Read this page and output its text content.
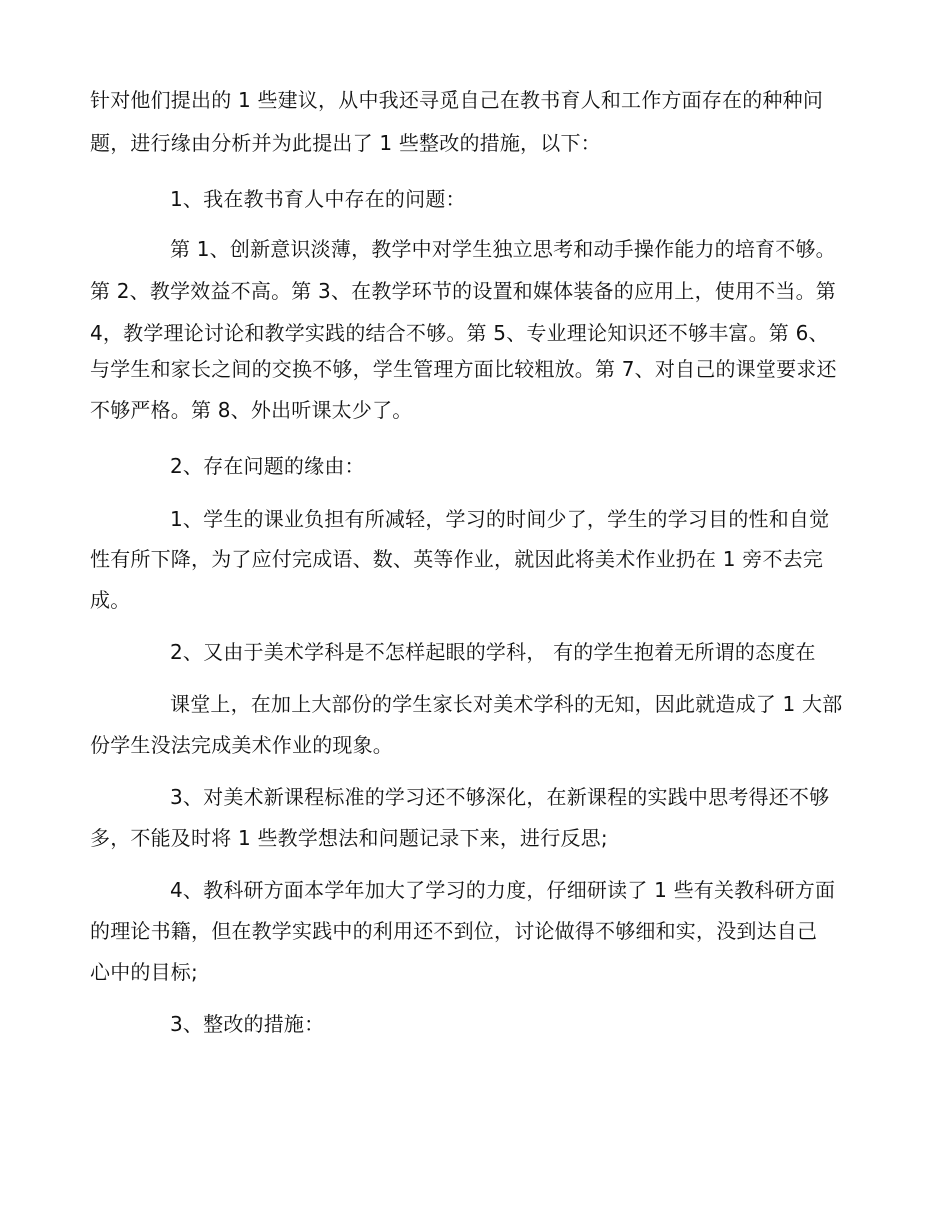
针对他们提出的 1 些建议，从中我还寻觅自己在教书育人和工作方面存在的种种问
题，进行缘由分析并为此提出了 1 些整改的措施，以下：
1、我在教书育人中存在的问题：
第 1、创新意识淡薄，教学中对学生独立思考和动手操作能力的培育不够。
第 2、教学效益不高。第 3、在教学环节的设置和媒体装备的应用上，使用不当。第
4，教学理论讨论和教学实践的结合不够。第 5、专业理论知识还不够丰富。第 6、
与学生和家长之间的交换不够，学生管理方面比较粗放。第 7、对自己的课堂要求还
不够严格。第 8、外出听课太少了。
2、存在问题的缘由：
1、学生的课业负担有所减轻，学习的时间少了，学生的学习目的性和自觉
性有所下降，为了应付完成语、数、英等作业，就因此将美术作业扔在 1 旁不去完
成。
2、又由于美术学科是不怎样起眼的学科， 有的学生抱着无所谓的态度在
课堂上，在加上大部份的学生家长对美术学科的无知，因此就造成了 1 大部
份学生没法完成美术作业的现象。
3、对美术新课程标准的学习还不够深化，在新课程的实践中思考得还不够
多，不能及时将 1 些教学想法和问题记录下来，进行反思;
4、教科研方面本学年加大了学习的力度，仔细研读了 1 些有关教科研方面
的理论书籍，但在教学实践中的利用还不到位，讨论做得不够细和实，没到达自己
心中的目标;
3、整改的措施：
